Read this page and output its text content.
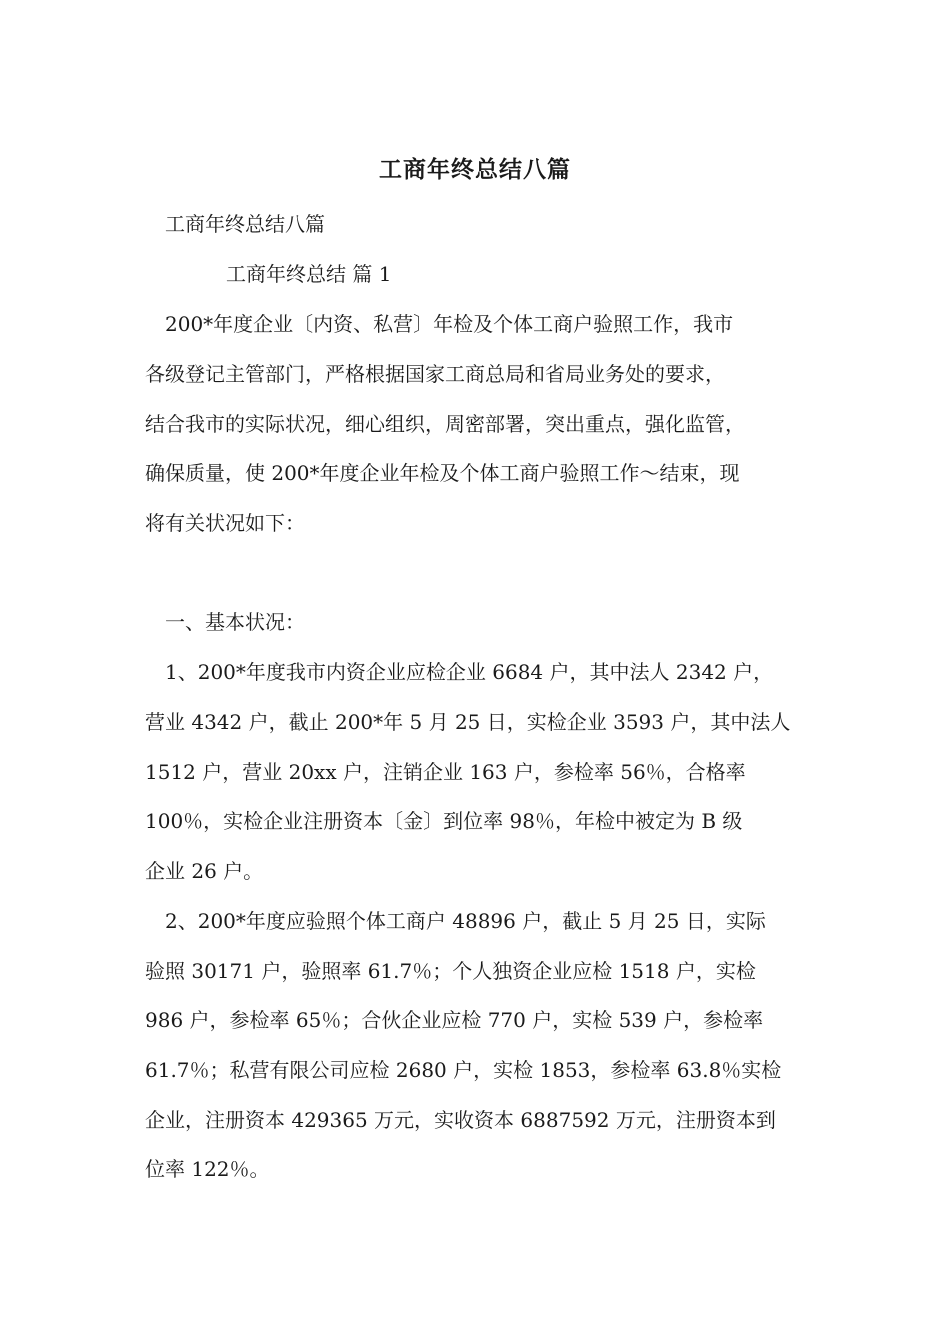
工商年终总结八篇
工商年终总结八篇
工商年终总结 篇 1
200*年度企业〔内资、私营〕年检及个体工商户验照工作，我市
各级登记主管部门，严格根据国家工商总局和省局业务处的要求，
结合我市的实际状况，细心组织，周密部署，突出重点，强化监管，
确保质量，使 200*年度企业年检及个体工商户验照工作～结束，现
将有关状况如下：
一、基本状况：
1、200*年度我市内资企业应检企业 6684 户，其中法人 2342 户，
营业 4342 户，截止 200*年 5 月 25 日，实检企业 3593 户，其中法人
1512 户，营业 20xx 户，注销企业 163 户，参检率 56％，合格率
100％，实检企业注册资本〔金〕到位率 98％，年检中被定为 B 级
企业 26 户。
2、200*年度应验照个体工商户 48896 户，截止 5 月 25 日，实际
验照 30171 户，验照率 61.7％；个人独资企业应检 1518 户，实检
986 户，参检率 65％；合伙企业应检 770 户，实检 539 户，参检率
61.7％；私营有限公司应检 2680 户，实检 1853，参检率 63.8％实检
企业，注册资本 429365 万元，实收资本 6887592 万元，注册资本到
位率 122％。
